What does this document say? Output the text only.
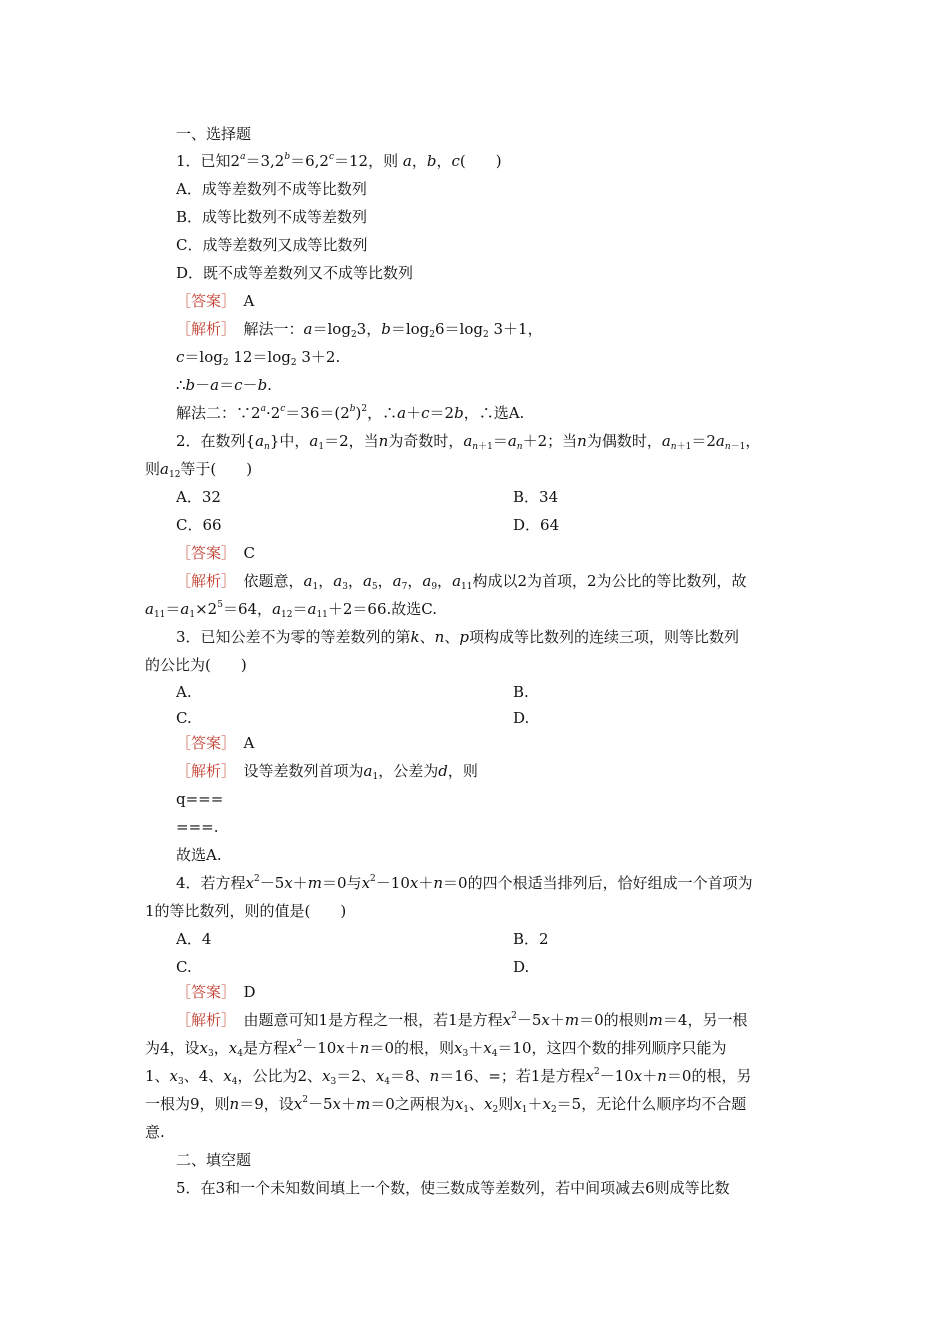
一、选择题
1．已知$2^a=3,2^b=6,2^c=12$，则 a，b，c(　　)
A．成等差数列不成等比数列
B．成等比数列不成等差数列
C．成等差数列又成等比数列
D．既不成等差数列又不成等比数列
［答案］　 A
［解析］　 解法一：$a=\log_23$，$b=\log_26=\log_2$ 3＋1，
$c=\log_2$ $12=\log_2$ 3＋2.
∴b－a＝c－b.
解法二：$\because 2^a\cdot 2^c=36=(2^b)^2$，∴a＋c＝2b，∴选A.
2．在数列$\{a_n\}$中，$a_1=2$，当n为奇数时，$a_{n+1}=a_n+2$；当n为偶数时，$a_{n+1}=2a_{n-1}$，
则$a_{12}$等于(　　)
A．32	B．34
C．66	D．64
［答案］　 C
［解析］　 依题意，$a_1$，$a_3$，$a_5$，$a_7$，$a_9$，$a_{11}$构成以2为首项，2为公比的等比数列，故
$a_{11}=a_1\times 2^5=64$，$a_{12}=a_{11}+2=66$.故选C.
3．已知公差不为零的等差数列的第k、n、p项构成等比数列的连续三项，则等比数列
的公比为(　　)
A.	B.
C.	D.
［答案］　 A
［解析］　 设等差数列首项为$a_1$，公差为d，则
q===
===.
故选A.
4．若方程$x^2-5x+m=0$与$x^2-10x+n=0$的四个根适当排列后，恰好组成一个首项为
1的等比数列，则的值是(　　)
A．4	B．2
C.	D.
［答案］　 D
［解析］　 由题意可知1是方程之一根，若1是方程$x^2-5x+m=0$的根则m＝4，另一根
为4，设$x_3$，$x_4$是方程$x^2-10x+n=0$的根，则$x_3+x_4=10$，这四个数的排列顺序只能为
1、$x_3$、4、$x_4$，公比为2、$x_3=2$、$x_4=8$、n＝16、=；若1是方程$x^2-10x+n=0$的根，另
一根为9，则n＝9，设$x^2-5x+m=0$之两根为$x_1$、$x_2$则$x_1+x_2=5$，无论什么顺序均不合题
意.
二、填空题
5．在3和一个未知数间填上一个数，使三数成等差数列，若中间项减去6则成等比数
